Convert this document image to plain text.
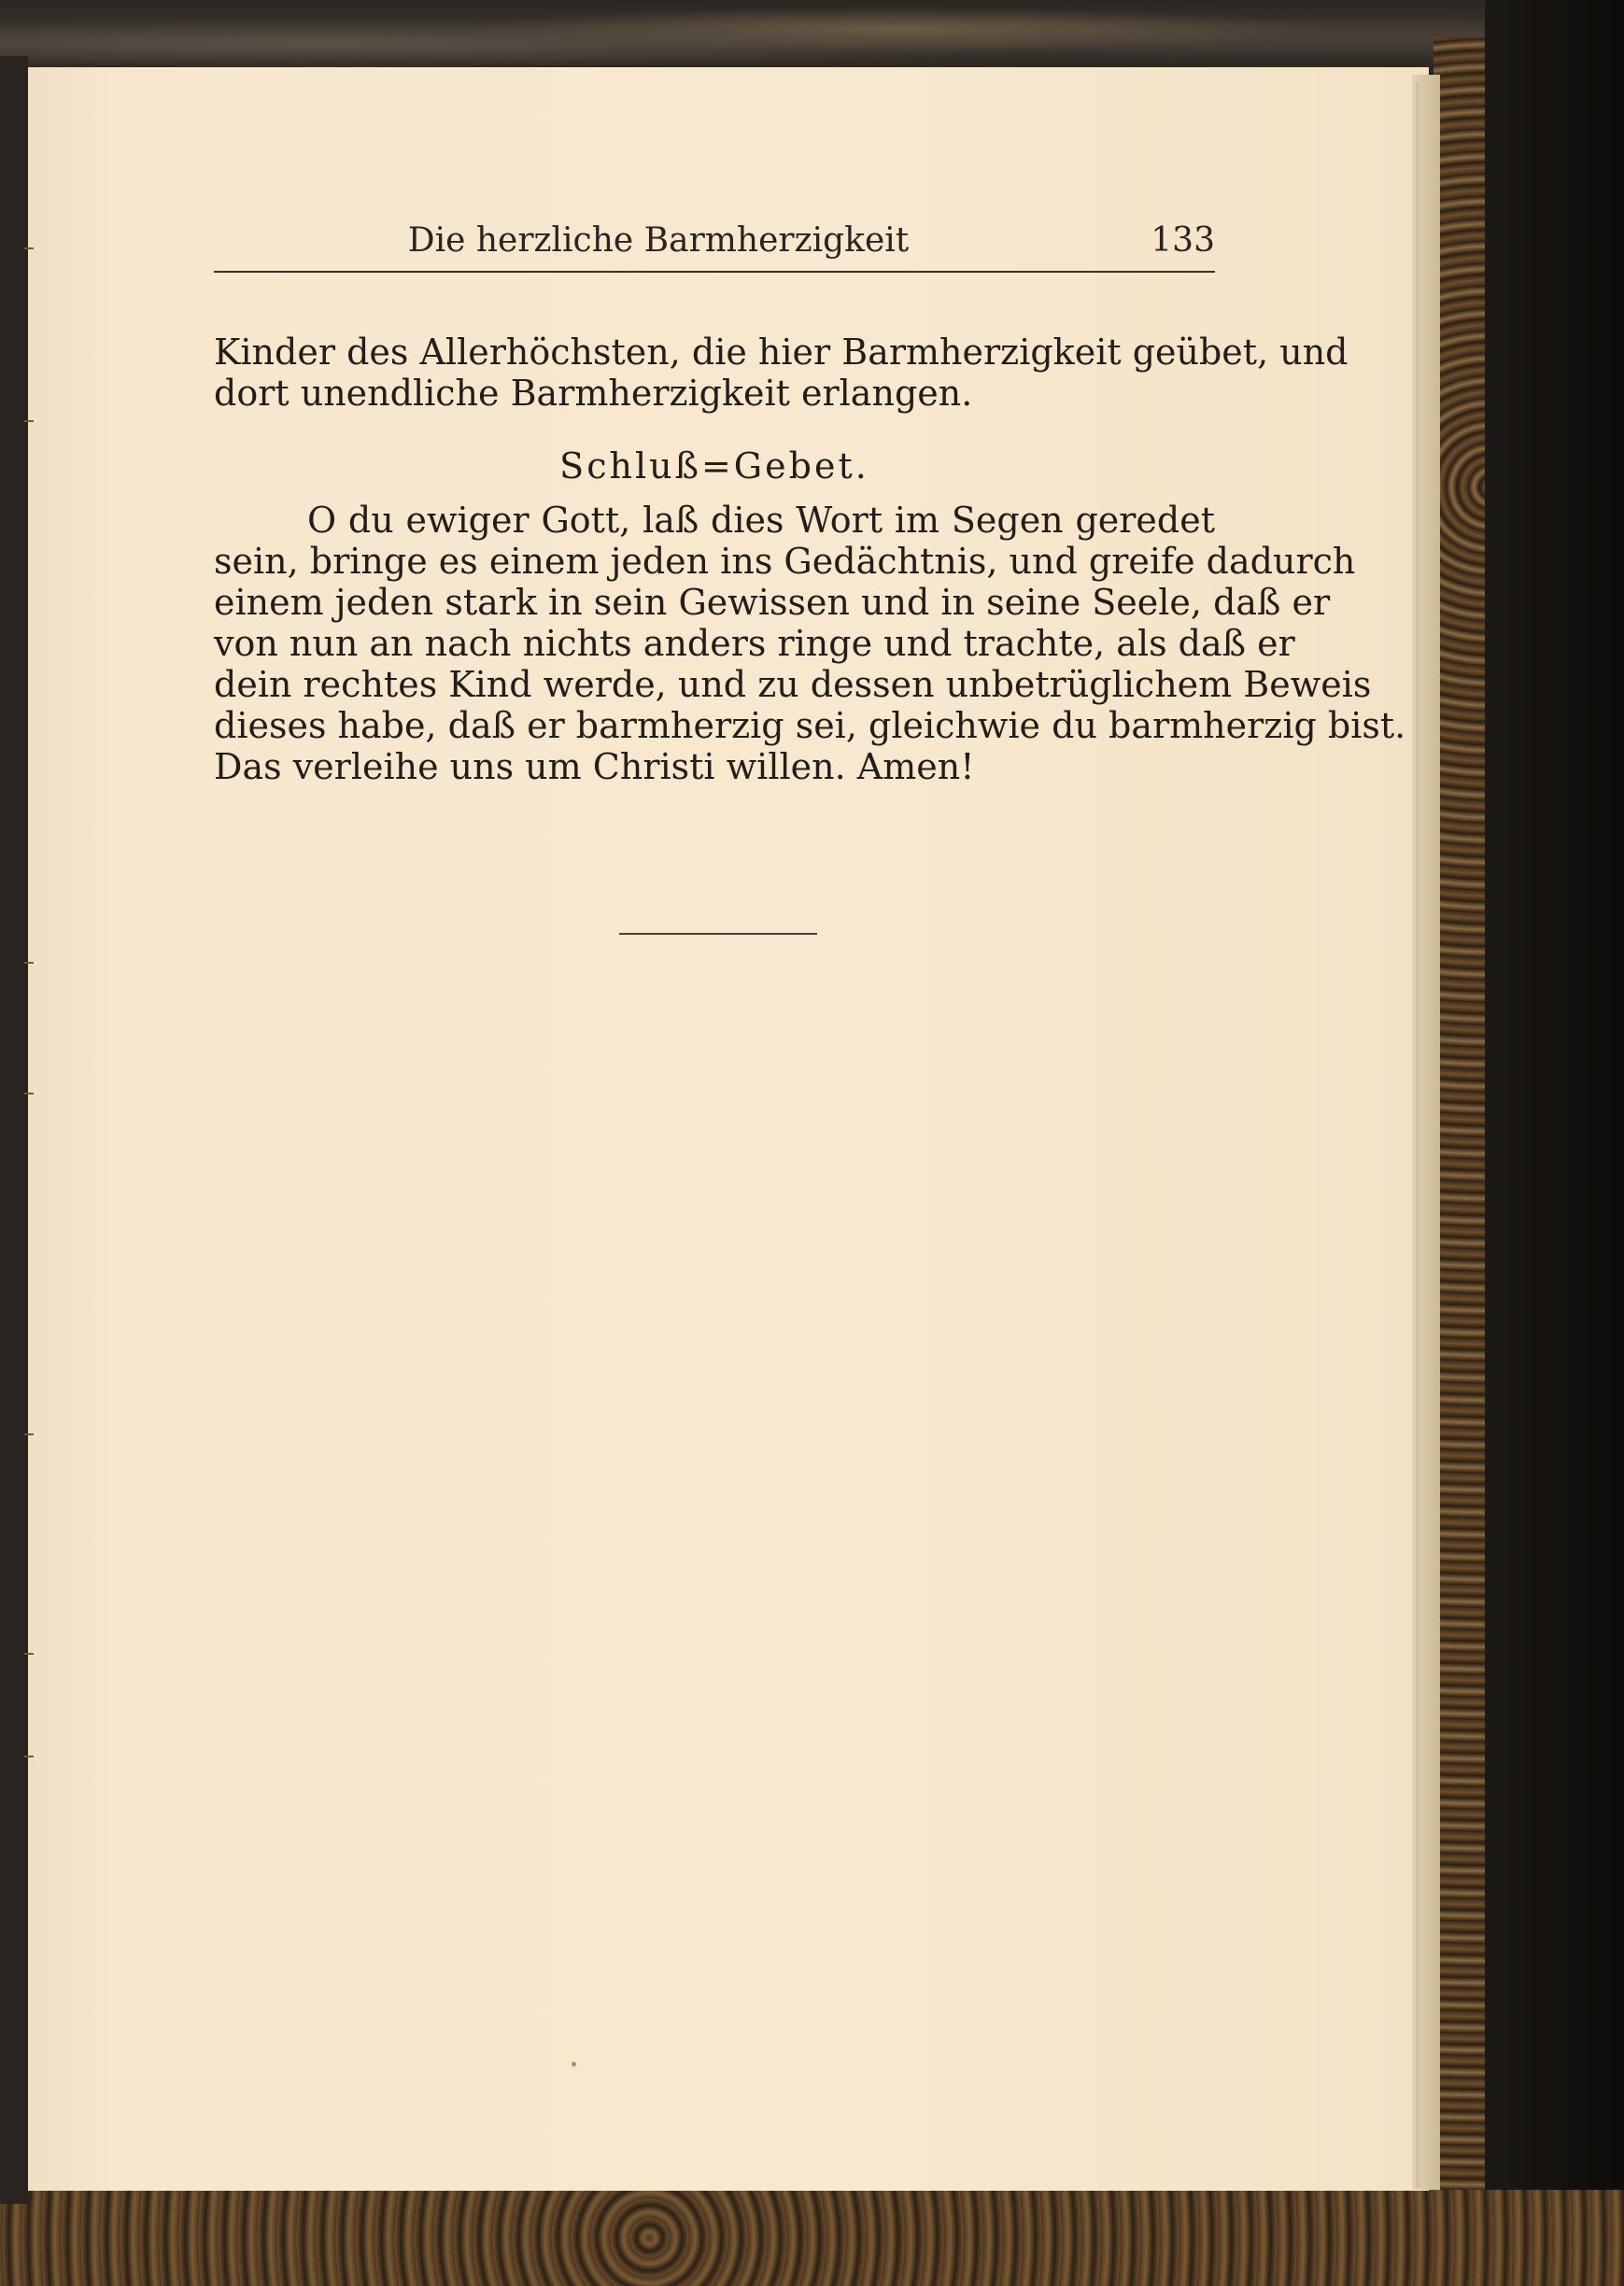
Die herzliche Barmherzigkeit	133
Kinder des Allerhöchsten, die hier Barmherzigkeit geübet, und
dort unendliche Barmherzigkeit erlangen.
Schluß=Gebet.
O du ewiger Gott, laß dies Wort im Segen geredet
sein, bringe es einem jeden ins Gedächtnis, und greife dadurch
einem jeden stark in sein Gewissen und in seine Seele, daß er
von nun an nach nichts anders ringe und trachte, als daß er
dein rechtes Kind werde, und zu dessen unbetrüglichem Beweis
dieses habe, daß er barmherzig sei, gleichwie du barmherzig bist.
Das verleihe uns um Christi willen. Amen!
